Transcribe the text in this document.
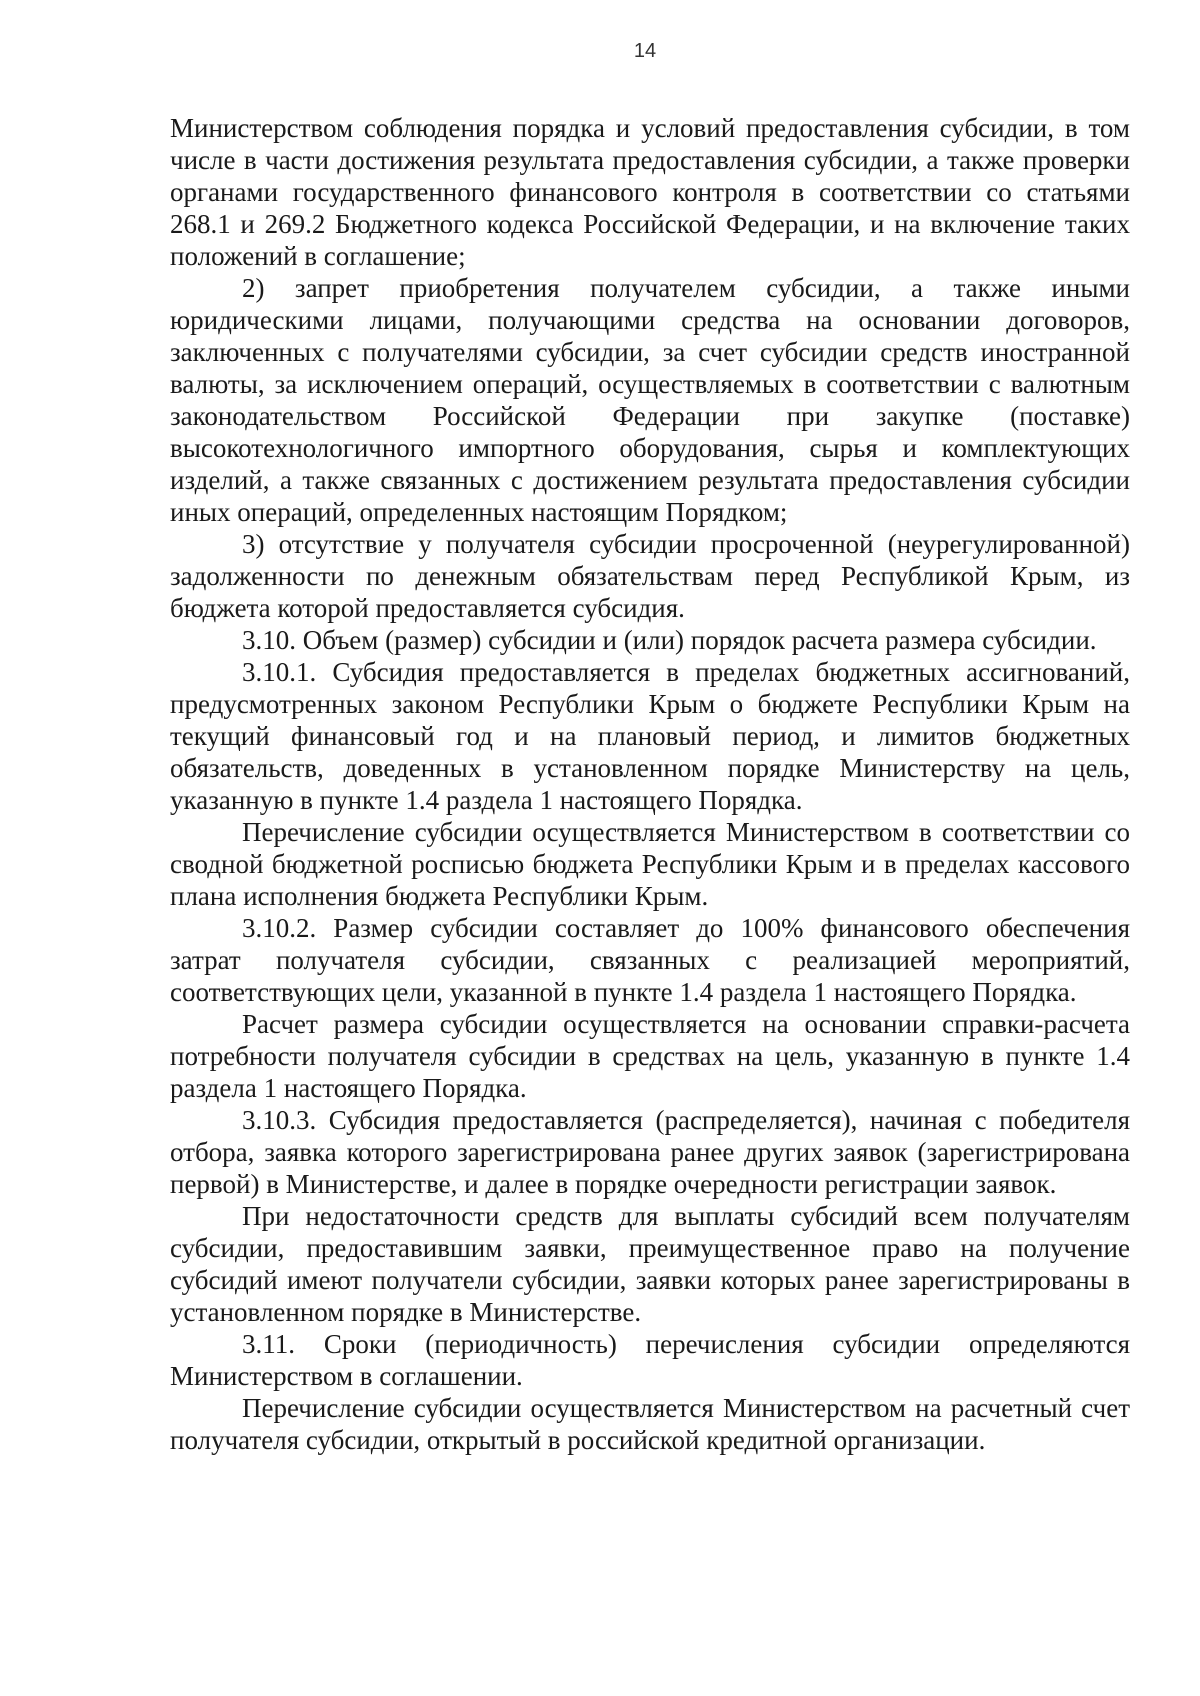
14

Министерством соблюдения порядка и условий предоставления субсидии, в том числе в части достижения результата предоставления субсидии, а также проверки органами государственного финансового контроля в соответствии со статьями 268.1 и 269.2 Бюджетного кодекса Российской Федерации, и на включение таких положений в соглашение;

2) запрет приобретения получателем субсидии, а также иными юридическими лицами, получающими средства на основании договоров, заключенных с получателями субсидии, за счет субсидии средств иностранной валюты, за исключением операций, осуществляемых в соответствии с валютным законодательством Российской Федерации при закупке (поставке) высокотехнологичного импортного оборудования, сырья и комплектующих изделий, а также связанных с достижением результата предоставления субсидии иных операций, определенных настоящим Порядком;

3) отсутствие у получателя субсидии просроченной (неурегулированной) задолженности по денежным обязательствам перед Республикой Крым, из бюджета которой предоставляется субсидия.

3.10. Объем (размер) субсидии и (или) порядок расчета размера субсидии.

3.10.1. Субсидия предоставляется в пределах бюджетных ассигнований, предусмотренных законом Республики Крым о бюджете Республики Крым на текущий финансовый год и на плановый период, и лимитов бюджетных обязательств, доведенных в установленном порядке Министерству на цель, указанную в пункте 1.4 раздела 1 настоящего Порядка.

Перечисление субсидии осуществляется Министерством в соответствии со сводной бюджетной росписью бюджета Республики Крым и в пределах кассового плана исполнения бюджета Республики Крым.

3.10.2. Размер субсидии составляет до 100% финансового обеспечения затрат получателя субсидии, связанных с реализацией мероприятий, соответствующих цели, указанной в пункте 1.4 раздела 1 настоящего Порядка.

Расчет размера субсидии осуществляется на основании справки-расчета потребности получателя субсидии в средствах на цель, указанную в пункте 1.4 раздела 1 настоящего Порядка.

3.10.3. Субсидия предоставляется (распределяется), начиная с победителя отбора, заявка которого зарегистрирована ранее других заявок (зарегистрирована первой) в Министерстве, и далее в порядке очередности регистрации заявок.

При недостаточности средств для выплаты субсидий всем получателям субсидии, предоставившим заявки, преимущественное право на получение субсидий имеют получатели субсидии, заявки которых ранее зарегистрированы в установленном порядке в Министерстве.

3.11. Сроки (периодичность) перечисления субсидии определяются Министерством в соглашении.

Перечисление субсидии осуществляется Министерством на расчетный счет получателя субсидии, открытый в российской кредитной организации.
